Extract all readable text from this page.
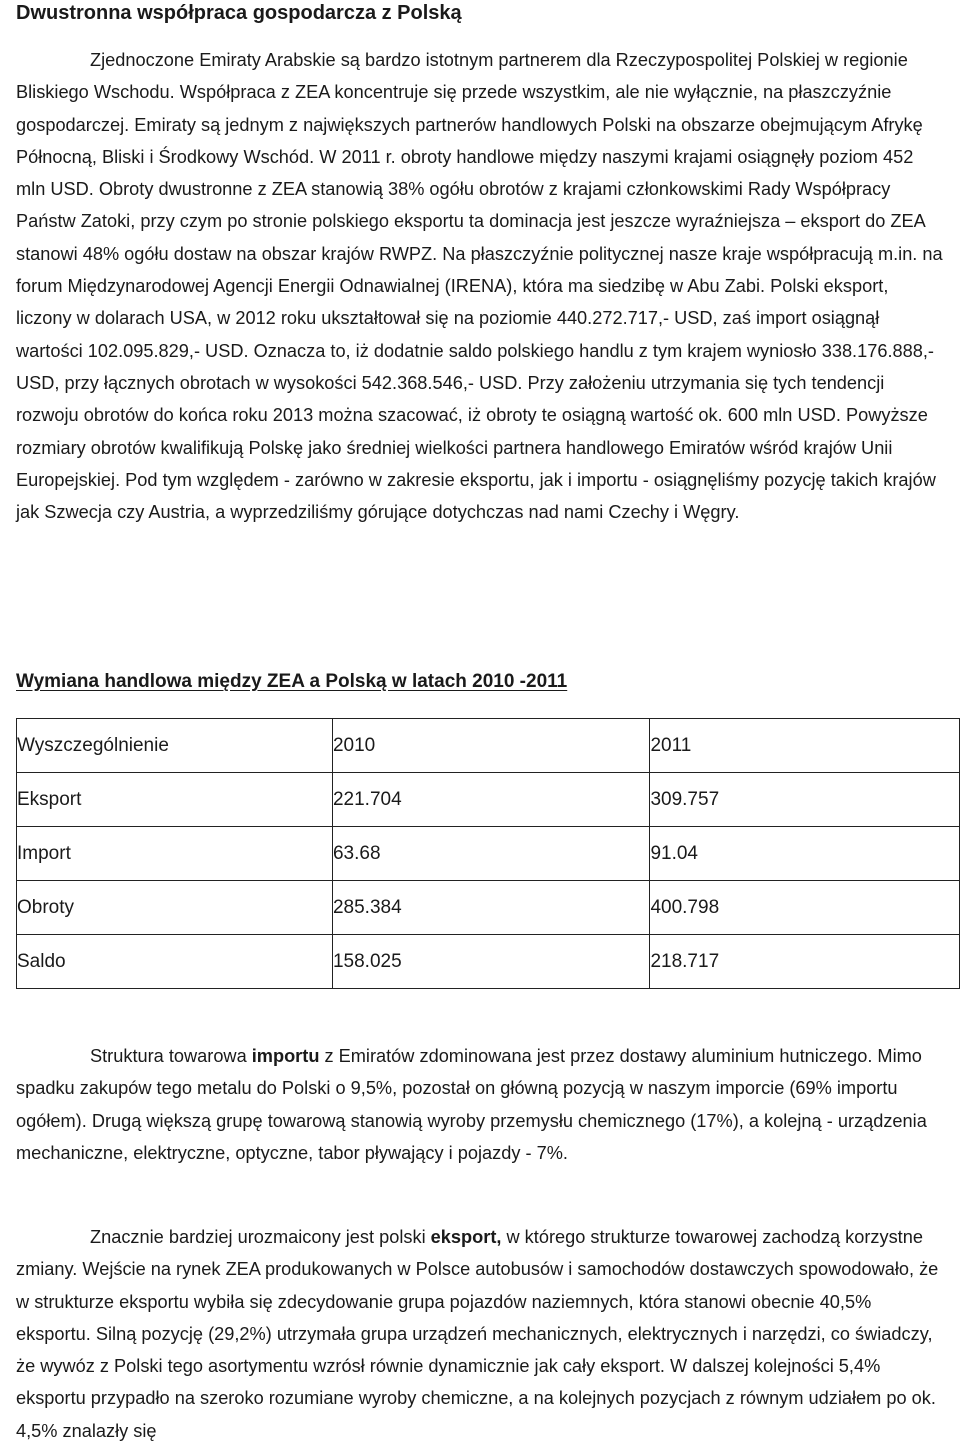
Dwustronna współpraca gospodarcza z Polską

Zjednoczone Emiraty Arabskie są bardzo istotnym partnerem dla Rzeczypospolitej Polskiej w regionie Bliskiego Wschodu. Współpraca z ZEA koncentruje się przede wszystkim, ale nie wyłącznie, na płaszczyźnie gospodarczej. Emiraty są jednym z największych partnerów handlowych Polski na obszarze obejmującym Afrykę Północną, Bliski i Środkowy Wschód. W 2011 r. obroty handlowe między naszymi krajami osiągnęły poziom 452 mln USD. Obroty dwustronne z ZEA stanowią 38% ogółu obrotów z krajami członkowskimi Rady Współpracy Państw Zatoki, przy czym po stronie polskiego eksportu ta dominacja jest jeszcze wyraźniejsza – eksport do ZEA stanowi 48% ogółu dostaw na obszar krajów RWPZ. Na płaszczyźnie politycznej nasze kraje współpracują m.in. na forum Międzynarodowej Agencji Energii Odnawialnej (IRENA), która ma siedzibę w Abu Zabi. Polski eksport, liczony w dolarach USA, w 2012 roku ukształtował się na poziomie 440.272.717,- USD, zaś import osiągnął wartości 102.095.829,- USD. Oznacza to, iż dodatnie saldo polskiego handlu z tym krajem wyniosło 338.176.888,- USD, przy łącznych obrotach w wysokości 542.368.546,- USD. Przy założeniu utrzymania się tych tendencji rozwoju obrotów do końca roku 2013 można szacować, iż obroty te osiągną wartość ok. 600 mln USD. Powyższe rozmiary obrotów kwalifikują Polskę jako średniej wielkości partnera handlowego Emiratów wśród krajów Unii Europejskiej. Pod tym względem - zarówno w zakresie eksportu, jak i importu - osiągnęliśmy pozycję takich krajów jak Szwecja czy Austria, a wyprzedziliśmy górujące dotychczas nad nami Czechy i Węgry.

Wymiana handlowa między ZEA a Polską w latach 2010 -2011
Wyszczególnienie	2010	2011

Eksport	221.704	309.757

Import	63.68	91.04

Obroty	285.384	400.798

Saldo	158.025	218.717

Struktura towarowa importu z Emiratów zdominowana jest przez dostawy aluminium hutniczego. Mimo spadku zakupów tego metalu do Polski o 9,5%, pozostał on główną pozycją w naszym imporcie (69% importu ogółem). Drugą większą grupę towarową stanowią wyroby przemysłu chemicznego (17%), a kolejną - urządzenia mechaniczne, elektryczne, optyczne, tabor pływający i pojazdy - 7%.

Znacznie bardziej urozmaicony jest polski eksport, w którego strukturze towarowej zachodzą korzystne zmiany. Wejście na rynek ZEA produkowanych w Polsce autobusów i samochodów dostawczych spowodowało, że w strukturze eksportu wybiła się zdecydowanie grupa pojazdów naziemnych, która stanowi obecnie 40,5% eksportu. Silną pozycję (29,2%) utrzymała grupa urządzeń mechanicznych, elektrycznych i narzędzi, co świadczy, że wywóz z Polski tego asortymentu wzrósł równie dynamicznie jak cały eksport. W dalszej kolejności 5,4% eksportu przypadło na szeroko rozumiane wyroby chemiczne, a na kolejnych pozycjach z równym udziałem po ok. 4,5% znalazły się
